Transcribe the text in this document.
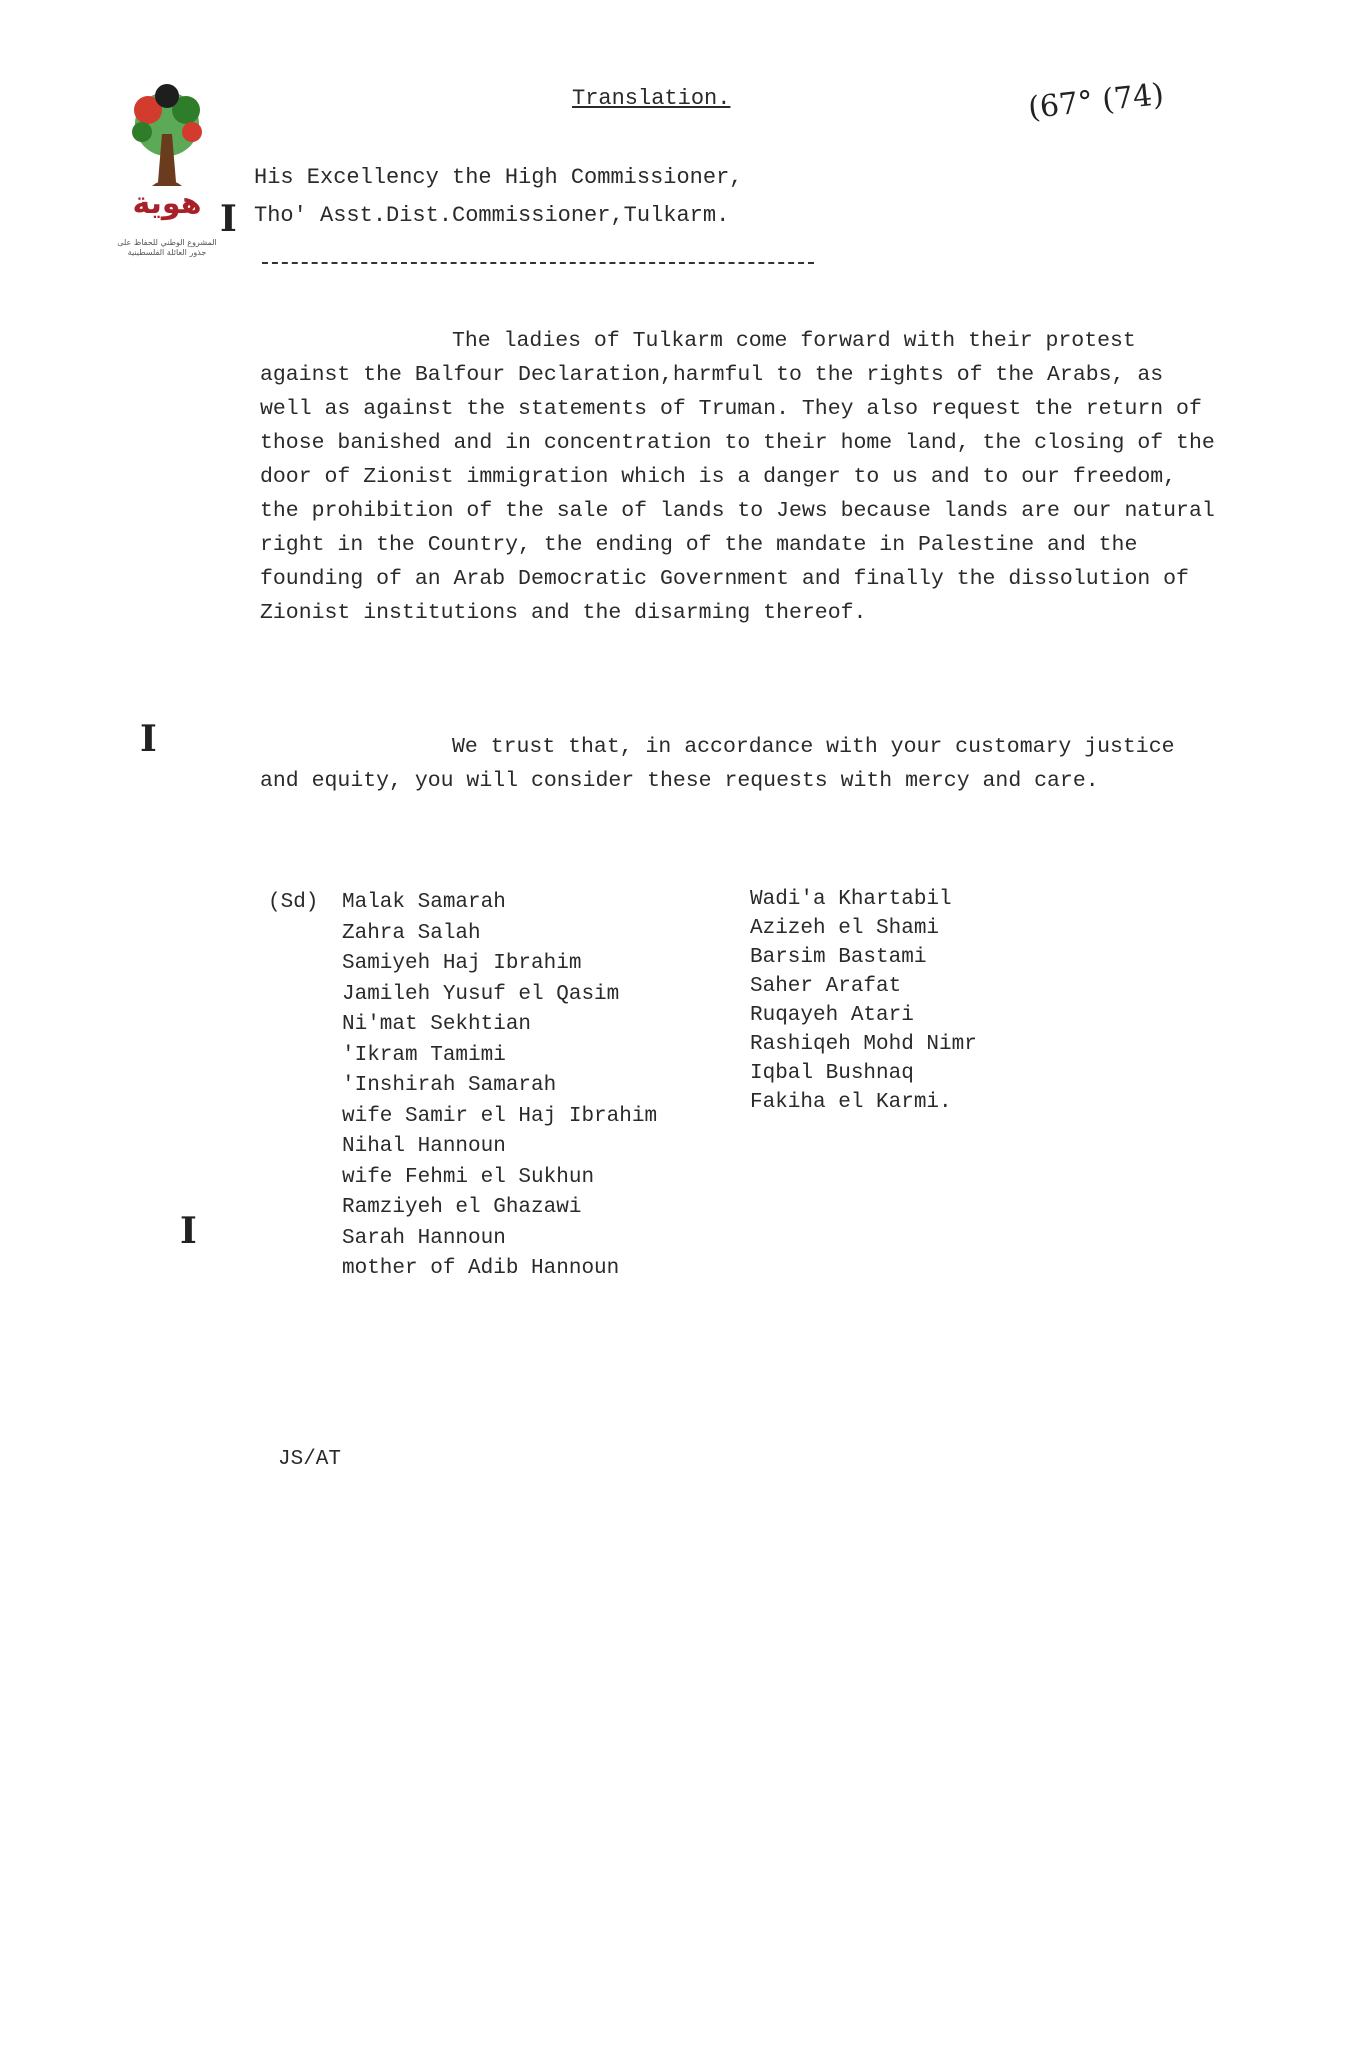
هوية
المشروع الوطني للحفاظ على جذور العائلة الفلسطينية
Translation.	(67° (74)
I
His Excellency the High Commissioner,
Tho' Asst.Dist.Commissioner,Tulkarm.
The ladies of Tulkarm come forward with their protest against the Balfour Declaration,harmful to the rights of the Arabs, as well as against the statements of Truman. They also request the return of those banished and in concentration to their home land, the closing of the door of Zionist immigration which is a danger to us and to our freedom, the prohibition of the sale of lands to Jews because lands are our natural right in the Country, the ending of the mandate in Palestine and the founding of an Arab Democratic Government and finally the dissolution of Zionist institutions and the disarming thereof.
I	We trust that, in accordance with your customary justice and equity, you will consider these requests with mercy and care.
(Sd) Malak Samarah
Zahra Salah
Samiyeh Haj Ibrahim
Jamileh Yusuf el Qasim
Ni'mat Sekhtian
'Ikram Tamimi
'Inshirah Samarah
wife Samir el Haj Ibrahim
Nihal Hannoun
wife Fehmi el Sukhun
Ramziyeh el Ghazawi
Sarah Hannoun
mother of Adib Hannoun
Wadi'a Khartabil
Azizeh el Shami
Barsim Bastami
Saher Arafat
Ruqayeh Atari
Rashiqeh Mohd Nimr
Iqbal Bushnaq
Fakiha el Karmi.
I
JS/AT
